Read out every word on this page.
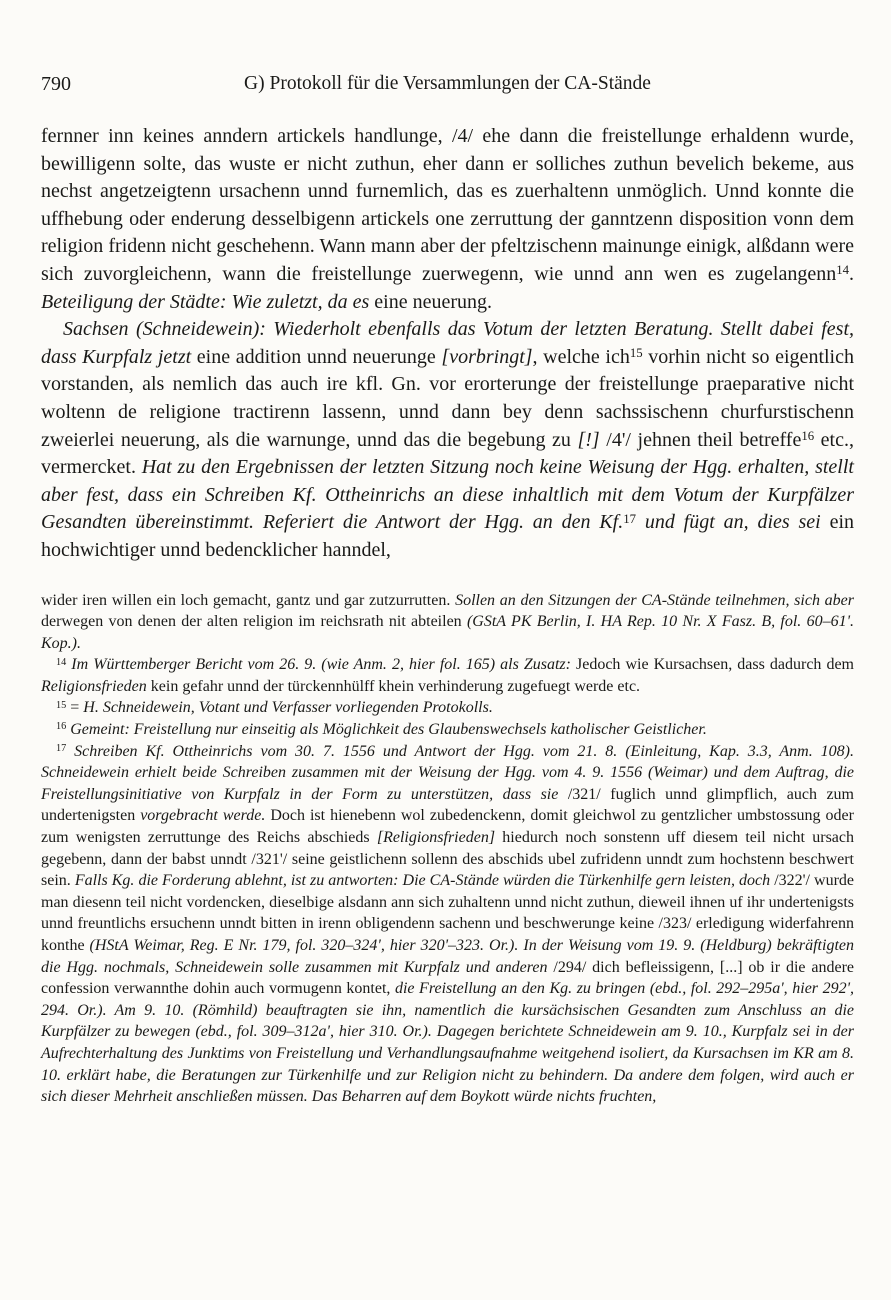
790	G) Protokoll für die Versammlungen der CA-Stände

fernner inn keines anndern artickels handlunge, /4/ ehe dann die freistellunge erhaldenn wurde, bewilligenn solte, das wuste er nicht zuthun, eher dann er solliches zuthun bevelich bekeme, aus nechst angetzeigtenn ursachenn unnd furnemlich, das es zuerhaltenn unmöglich. Unnd konnte die uffhebung oder enderung desselbigenn artickels one zerruttung der ganntzenn disposition vonn dem religion fridenn nicht geschehenn. Wann mann aber der pfeltzischenn mainunge einigk, alßdann were sich zuvorgleichenn, wann die freistellunge zuerwegenn, wie unnd ann wen es zugelangenn$^{14}$. Beteiligung der Städte: Wie zuletzt, da es eine neuerung.

Sachsen (Schneidewein): Wiederholt ebenfalls das Votum der letzten Beratung. Stellt dabei fest, dass Kurpfalz jetzt eine addition unnd neuerunge [vorbringt], welche ich$^{15}$ vorhin nicht so eigentlich vorstanden, als nemlich das auch ire kfl. Gn. vor erorterunge der freistellunge praeparative nicht woltenn de religione tractirenn lassenn, unnd dann bey denn sachssischenn churfurstischenn zweierlei neuerung, als die warnunge, unnd das die begebung zu [!] /4'/ jehnen theil betreffe$^{16}$ etc., vermercket. Hat zu den Ergebnissen der letzten Sitzung noch keine Weisung der Hgg. erhalten, stellt aber fest, dass ein Schreiben Kf. Ottheinrichs an diese inhaltlich mit dem Votum der Kurpfälzer Gesandten übereinstimmt. Referiert die Antwort der Hgg. an den Kf.$^{17}$ und fügt an, dies sei ein hochwichtiger unnd bedencklicher hanndel,

wider iren willen ein loch gemacht, gantz und gar zutzurrutten. Sollen an den Sitzungen der CA-Stände teilnehmen, sich aber derwegen von denen der alten religion im reichsrath nit abteilen (GStA PK Berlin, I. HA Rep. 10 Nr. X Fasz. B, fol. 60–61'. Kop.).

$^{14}$ Im Württemberger Bericht vom 26. 9. (wie Anm. 2, hier fol. 165) als Zusatz: Jedoch wie Kursachsen, dass dadurch dem Religionsfrieden kein gefahr unnd der türckennhülff khein verhinderung zugefuegt werde etc.

$^{15}$ = H. Schneidewein, Votant und Verfasser vorliegenden Protokolls.

$^{16}$ Gemeint: Freistellung nur einseitig als Möglichkeit des Glaubenswechsels katholischer Geistlicher.

$^{17}$ Schreiben Kf. Ottheinrichs vom 30. 7. 1556 und Antwort der Hgg. vom 21. 8. (Einleitung, Kap. 3.3, Anm. 108). Schneidewein erhielt beide Schreiben zusammen mit der Weisung der Hgg. vom 4. 9. 1556 (Weimar) und dem Auftrag, die Freistellungsinitiative von Kurpfalz in der Form zu unterstützen, dass sie /321/ fuglich unnd glimpflich, auch zum undertenigsten vorgebracht werde. Doch ist hienebenn wol zubedenckenn, domit gleichwol zu gentzlicher umbstossung oder zum wenigsten zerruttunge des Reichs abschieds [Religionsfrieden] hiedurch noch sonstenn uff diesem teil nicht ursach gegebenn, dann der babst unndt /321'/ seine geistlichenn sollenn des abschids ubel zufridenn unndt zum hochstenn beschwert sein. Falls Kg. die Forderung ablehnt, ist zu antworten: Die CA-Stände würden die Türkenhilfe gern leisten, doch /322'/ wurde man diesenn teil nicht vordencken, dieselbige alsdann ann sich zuhaltenn unnd nicht zuthun, dieweil ihnen uf ihr undertenigsts unnd freuntlichs ersuchenn unndt bitten in irenn obligendenn sachenn und beschwerunge keine /323/ erledigung widerfahrenn konthe (HStA Weimar, Reg. E Nr. 179, fol. 320–324', hier 320'–323. Or.). In der Weisung vom 19. 9. (Heldburg) bekräftigten die Hgg. nochmals, Schneidewein solle zusammen mit Kurpfalz und anderen /294/ dich befleissigenn, [...] ob ir die andere confession verwannthe dohin auch vormugenn kontet, die Freistellung an den Kg. zu bringen (ebd., fol. 292–295a', hier 292', 294. Or.). Am 9. 10. (Römhild) beauftragten sie ihn, namentlich die kursächsischen Gesandten zum Anschluss an die Kurpfälzer zu bewegen (ebd., fol. 309–312a', hier 310. Or.). Dagegen berichtete Schneidewein am 9. 10., Kurpfalz sei in der Aufrechterhaltung des Junktims von Freistellung und Verhandlungsaufnahme weitgehend isoliert, da Kursachsen im KR am 8. 10. erklärt habe, die Beratungen zur Türkenhilfe und zur Religion nicht zu behindern. Da andere dem folgen, wird auch er sich dieser Mehrheit anschließen müssen. Das Beharren auf dem Boykott würde nichts fruchten,
